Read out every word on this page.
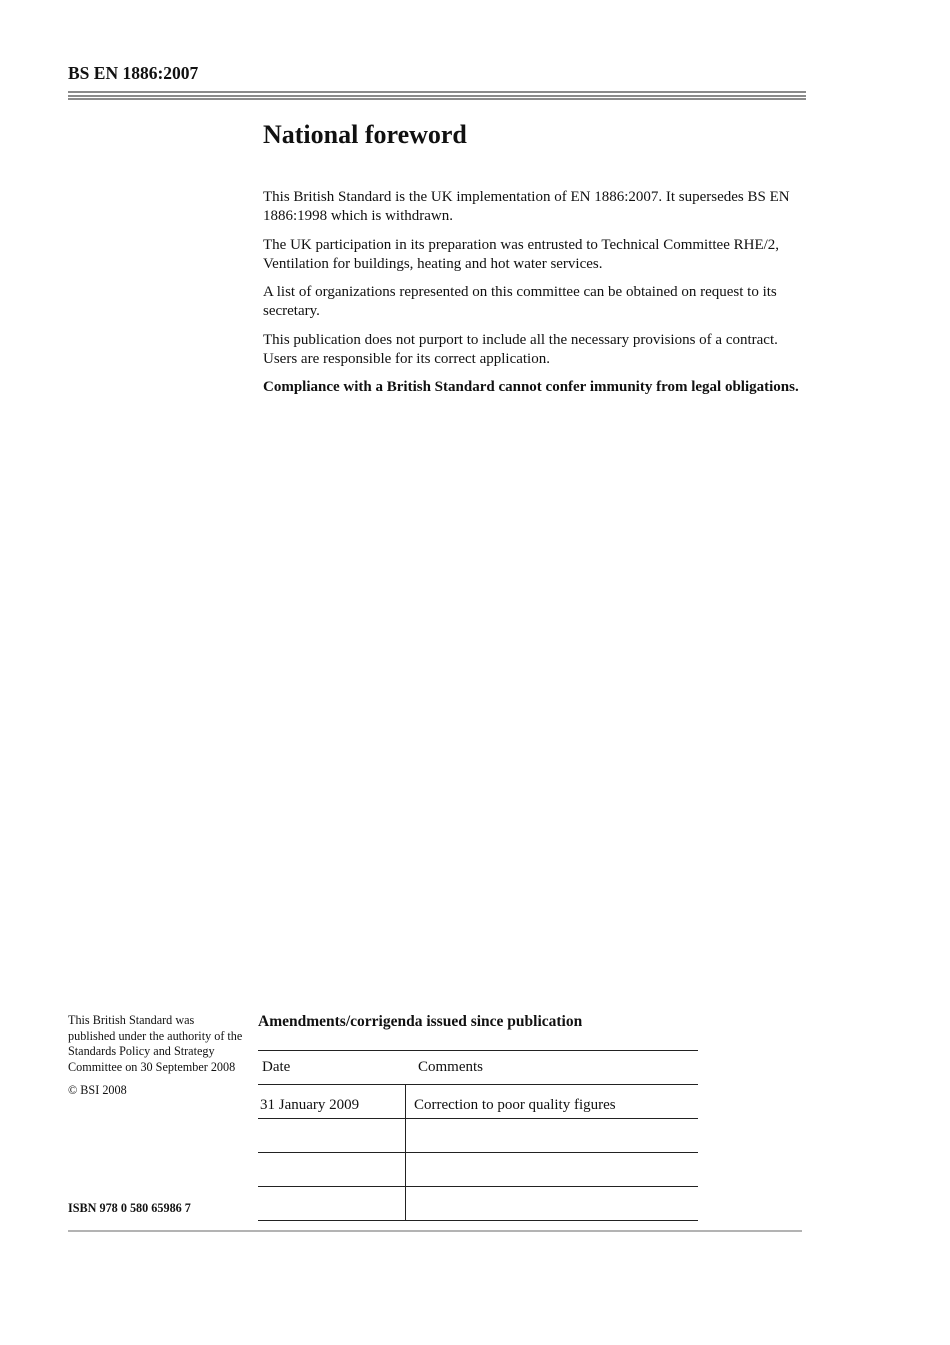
BS EN 1886:2007

National foreword

This British Standard is the UK implementation of EN 1886:2007. It supersedes BS EN 1886:1998 which is withdrawn.

The UK participation in its preparation was entrusted to Technical Committee RHE/2, Ventilation for buildings, heating and hot water services.

A list of organizations represented on this committee can be obtained on request to its secretary.

This publication does not purport to include all the necessary provisions of a contract. Users are responsible for its correct application.

Compliance with a British Standard cannot confer immunity from legal obligations.

This British Standard was published under the authority of the Standards Policy and Strategy Committee on 30 September 2008

© BSI 2008

ISBN 978 0 580 65986 7

Amendments/corrigenda issued since publication
Date	Comments
31 January 2009	Correction to poor quality figures
